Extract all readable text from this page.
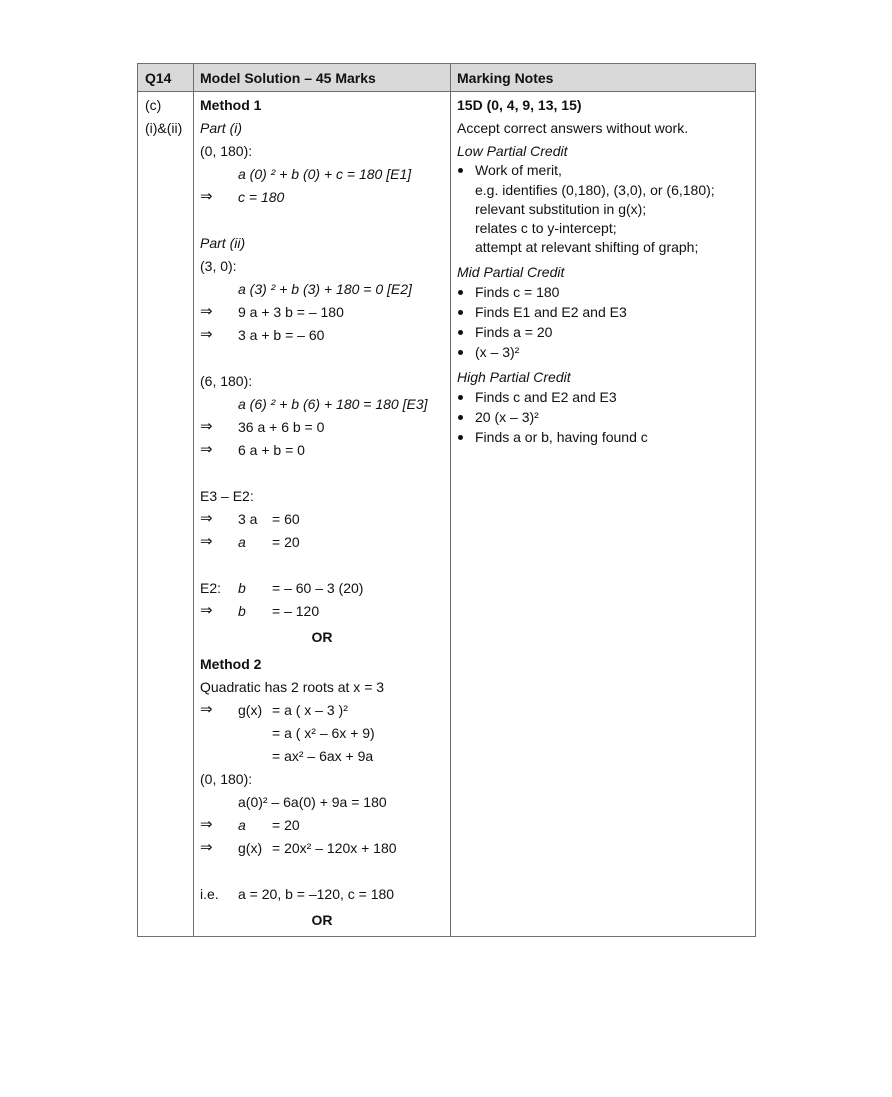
Q14 Model Solution – 45 Marks	Marking Notes
(c)
(i)&(ii)
Method 1
Part (i)
(0, 180):
a (0) ² + b (0) + c = 180 [E1]
⇒ c = 180
Part (ii)
(3, 0):
a (3) ² + b (3) + 180 = 0 [E2]
⇒ 9 a + 3 b = – 180
⇒ 3 a + b = – 60
(6, 180):
a (6) ² + b (6) + 180 = 180 [E3]
⇒ 36 a + 6 b = 0
⇒ 6 a + b = 0
E3 – E2:
⇒ 3 a = 60
⇒ a = 20
E2: b = – 60 – 3 (20)
⇒ b = – 120
OR
Method 2
Quadratic has 2 roots at x = 3
⇒ g(x) = a ( x – 3 )²
= a ( x² – 6x + 9)
= ax² – 6ax + 9a
(0, 180):
a(0)² – 6a(0) + 9a = 180
⇒ a = 20
⇒ g(x) = 20x² – 120x + 180
i.e. a = 20, b = –120, c = 180
OR
15D (0, 4, 9, 13, 15)
Accept correct answers without work.
Low Partial Credit
Work of merit,
e.g. identifies (0,180), (3,0), or (6,180);
relevant substitution in g(x);
relates c to y-intercept;
attempt at relevant shifting of graph;
Mid Partial Credit
Finds c = 180
Finds E1 and E2 and E3
Finds a = 20
(x – 3)²
High Partial Credit
Finds c and E2 and E3
20 (x – 3)²
Finds a or b, having found c
